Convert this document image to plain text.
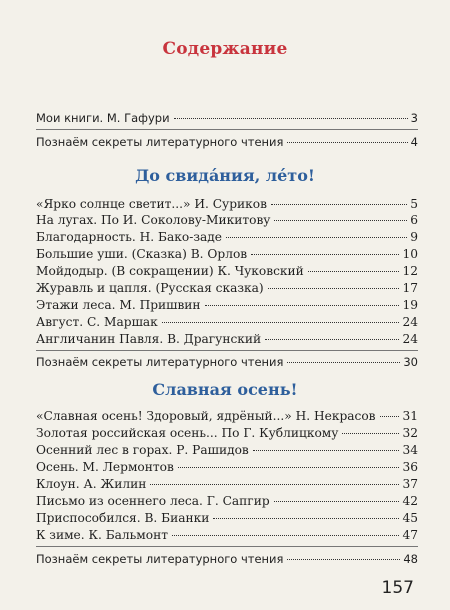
Содержание
Мои книги. М. Гафури	3
Познаём секреты литературного чтения	4
До свида́ния, ле́то!
«Ярко солнце светит...» И. Суриков	5
На лугах. По И. Соколову-Микитову	6
Благодарность. Н. Бако-заде	9
Большие уши. (Сказка) В. Орлов	10
Мойдодыр. (В сокращении) К. Чуковский	12
Журавль и цапля. (Русская сказка)	17
Этажи леса. М. Пришвин	19
Август. С. Маршак	24
Англичанин Павля. В. Драгунский	24
Познаём секреты литературного чтения	30
Славная осень!
«Славная осень! Здоровый, ядрёный...» Н. Некрасов 31
Золотая российская осень... По Г. Кублицкому	32
Осенний лес в горах. Р. Рашидов	34
Осень. М. Лермонтов	36
Клоун. А. Жилин	37
Письмо из осеннего леса. Г. Сапгир	42
Приспособился. В. Бианки	45
К зиме. К. Бальмонт	47
Познаём секреты литературного чтения	48
157
